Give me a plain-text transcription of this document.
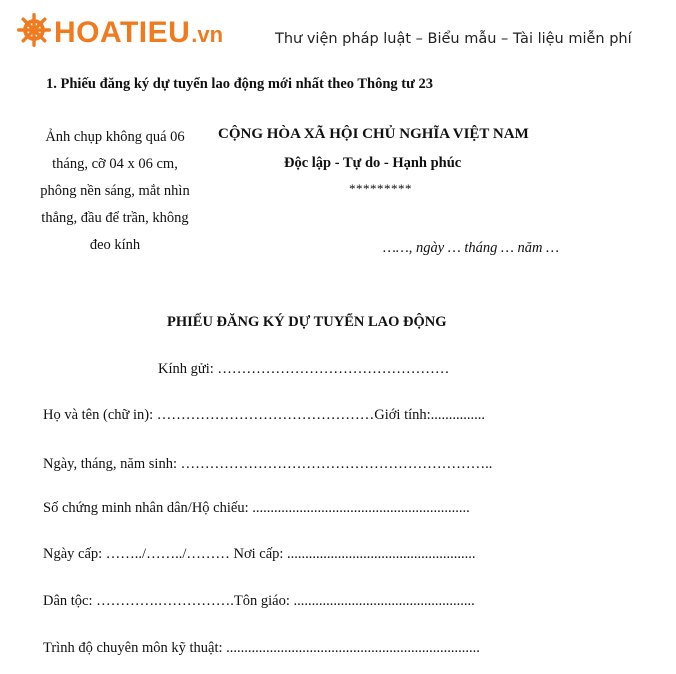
HOATIEU .vn	Thư viện pháp luật – Biểu mẫu – Tài liệu miễn phí
1. Phiếu đăng ký dự tuyển lao động mới nhất theo Thông tư 23
Ảnh chụp không quá 06 tháng, cỡ 04 x 06 cm, phông nền sáng, mắt nhìn thẳng, đầu để trần, không đeo kính
CỘNG HÒA XÃ HỘI CHỦ NGHĨA VIỆT NAM
Độc lập - Tự do - Hạnh phúc
*********
……, ngày … tháng … năm …
PHIẾU ĐĂNG KÝ DỰ TUYỂN LAO ĐỘNG
Kính gửi: …………………………………………
Họ và tên (chữ in): ………………………………………Giới tính:...............
Ngày, tháng, năm sinh: ………………………………………………………..
Số chứng minh nhân dân/Hộ chiếu: ............................................................
Ngày cấp: ……../……../……… Nơi cấp: ....................................................
Dân tộc: ………….…………….Tôn giáo: ..................................................
Trình độ chuyên môn kỹ thuật: ......................................................................
